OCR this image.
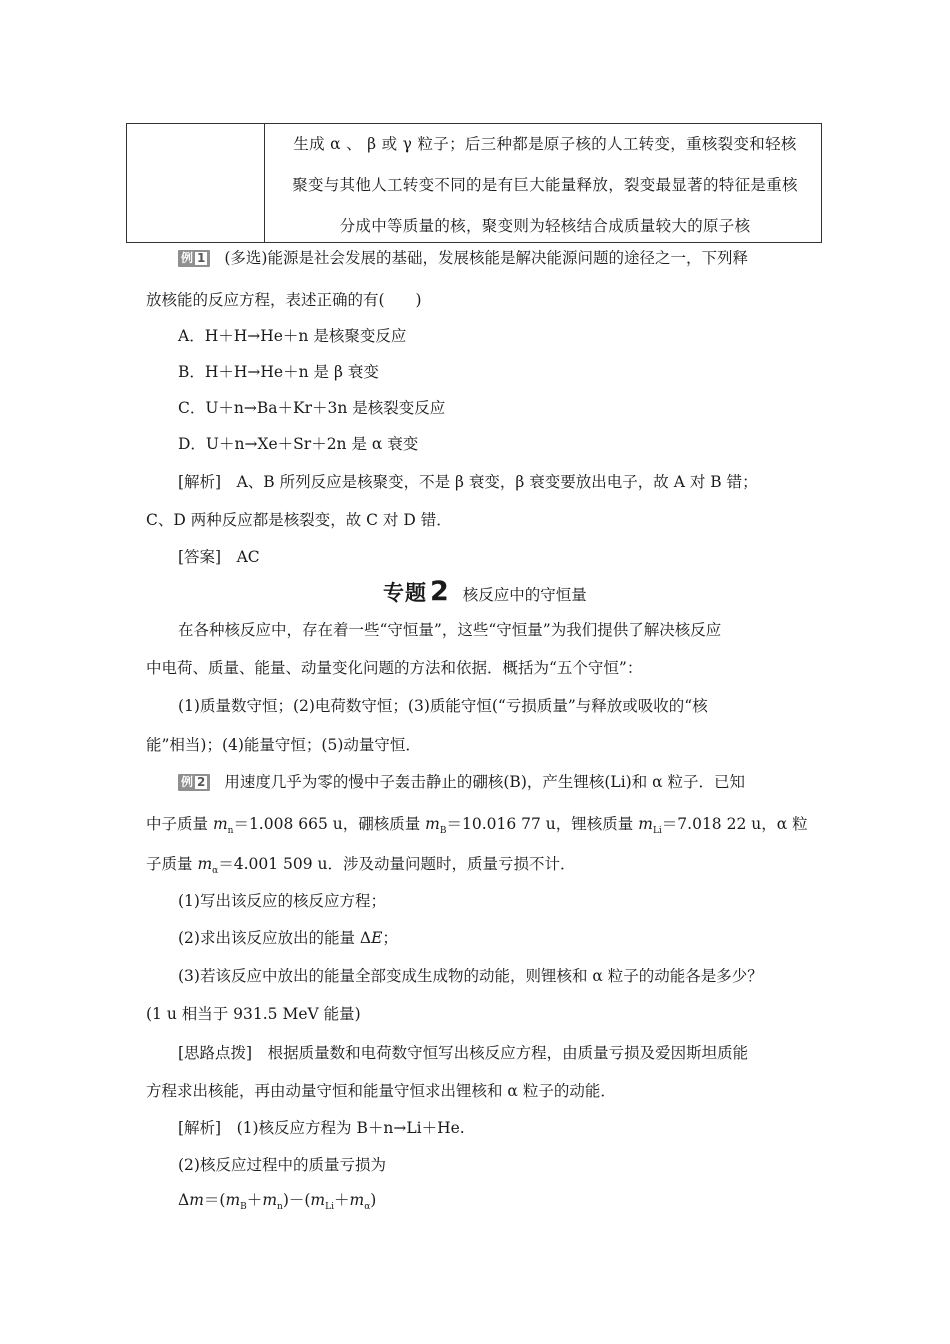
生成 α 、 β 或 γ 粒子；后三种都是原子核的人工转变，重核裂变和轻核

聚变与其他人工转变不同的是有巨大能量释放，裂变最显著的特征是重核

分成中等质量的核，聚变则为轻核结合成质量较大的原子核

例 1 (多选)能源是社会发展的基础，发展核能是解决能源问题的途径之一，下列释
放核能的反应方程，表述正确的有(　　)
A．H＋H→He＋n 是核聚变反应
B．H＋H→He＋n 是 β 衰变
C．U＋n→Ba＋Kr＋3n 是核裂变反应
D．U＋n→Xe＋Sr＋2n 是 α 衰变
[解析]　A、B 所列反应是核聚变，不是 β 衰变，β 衰变要放出电子，故 A 对 B 错；
C、D 两种反应都是核裂变，故 C 对 D 错．
[答案]　AC
专题 2 核反应中的守恒量
在各种核反应中，存在着一些“守恒量”，这些“守恒量”为我们提供了解决核反应
中电荷、质量、能量、动量变化问题的方法和依据．概括为“五个守恒”：
(1)质量数守恒；(2)电荷数守恒；(3)质能守恒(“亏损质量”与释放或吸收的“核
能”相当)；(4)能量守恒；(5)动量守恒．
例 2 用速度几乎为零的慢中子轰击静止的硼核(B)，产生锂核(Li)和 α 粒子．已知
中子质量 $m_n=1.008$ 665 u，硼核质量 $m_B=10.016$ 77 u，锂核质量 $m_{Li}=7.018$ 22 u，α 粒
子质量 $m_\alpha=4.001$ 509 u．涉及动量问题时，质量亏损不计．
(1)写出该反应的核反应方程；
(2)求出该反应放出的能量 ΔE；
(3)若该反应中放出的能量全部变成生成物的动能，则锂核和 α 粒子的动能各是多少？
(1 u 相当于 931.5 MeV 能量)
[思路点拨]　根据质量数和电荷数守恒写出核反应方程，由质量亏损及爱因斯坦质能
方程求出核能，再由动量守恒和能量守恒求出锂核和 α 粒子的动能．
[解析]　(1)核反应方程为 B＋n→Li＋He.
(2)核反应过程中的质量亏损为
$\Delta m=(m_B+m_n)-(m_{Li}+m_\alpha)$
